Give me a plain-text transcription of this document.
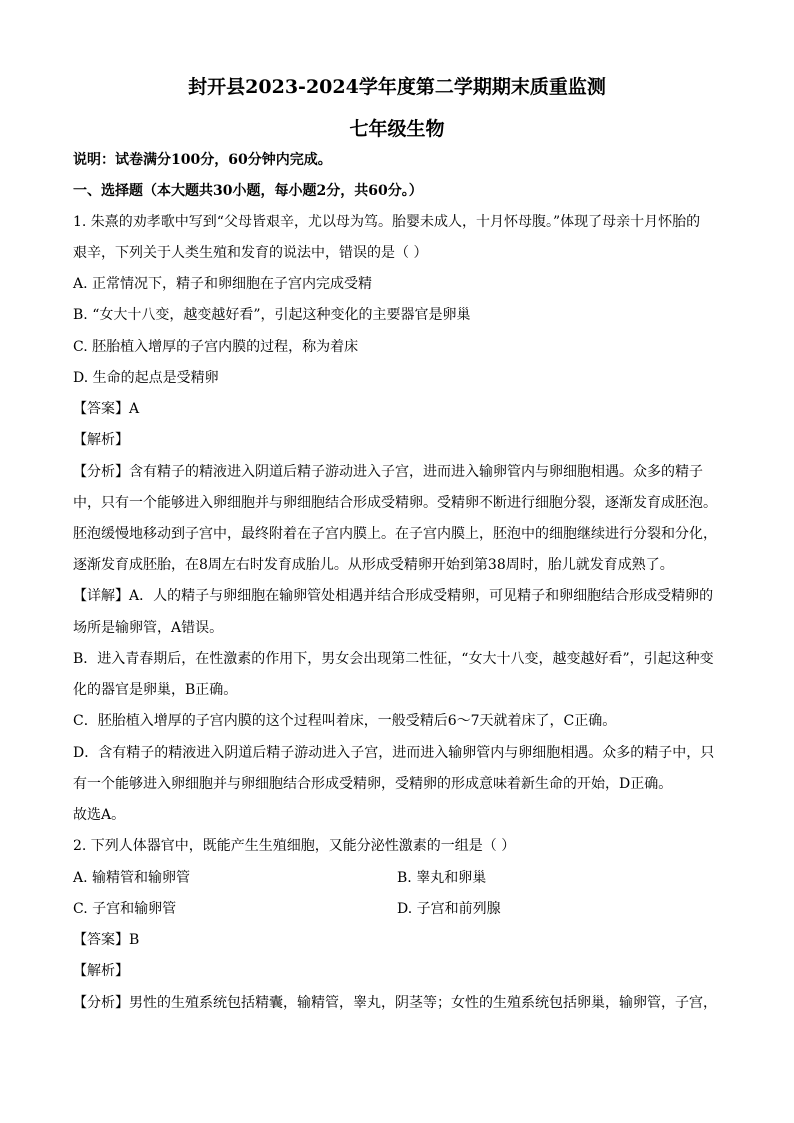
封开县2023-2024学年度第二学期期末质重监测
七年级生物
说明：试卷满分100分，60分钟内完成。
一、选择题（本大题共30小题，每小题2分，共60分。）
1. 朱熹的劝孝歌中写到“父母皆艰辛，尤以母为笃。胎婴未成人，十月怀母腹。”体现了母亲十月怀胎的
艰辛，下列关于人类生殖和发育的说法中，错误的是（ ）
A. 正常情况下，精子和卵细胞在子宫内完成受精
B. “女大十八变，越变越好看”，引起这种变化的主要器官是卵巢
C. 胚胎植入增厚的子宫内膜的过程，称为着床
D. 生命的起点是受精卵
【答案】A
【解析】
【分析】含有精子的精液进入阴道后精子游动进入子宫，进而进入输卵管内与卵细胞相遇。众多的精子
中，只有一个能够进入卵细胞并与卵细胞结合形成受精卵。受精卵不断进行细胞分裂，逐渐发育成胚泡。
胚泡缓慢地移动到子宫中，最终附着在子宫内膜上。在子宫内膜上，胚泡中的细胞继续进行分裂和分化，
逐渐发育成胚胎，在8周左右时发育成胎儿。从形成受精卵开始到第38周时，胎儿就发育成熟了。
【详解】A．人的精子与卵细胞在输卵管处相遇并结合形成受精卵，可见精子和卵细胞结合形成受精卵的
场所是输卵管，A错误。
B．进入青春期后，在性激素的作用下，男女会出现第二性征，“女大十八变，越变越好看”，引起这种变
化的器官是卵巢，B正确。
C．胚胎植入增厚的子宫内膜的这个过程叫着床，一般受精后6～7天就着床了，C正确。
D．含有精子的精液进入阴道后精子游动进入子宫，进而进入输卵管内与卵细胞相遇。众多的精子中，只
有一个能够进入卵细胞并与卵细胞结合形成受精卵，受精卵的形成意味着新生命的开始，D正确。
故选A。
2. 下列人体器官中，既能产生生殖细胞，又能分泌性激素的一组是（ ）
A. 输精管和输卵管	B. 睾丸和卵巢
C. 子宫和输卵管	D. 子宫和前列腺
【答案】B
【解析】
【分析】男性的生殖系统包括精囊，输精管，睾丸，阴茎等；女性的生殖系统包括卵巢，输卵管，子宫，
